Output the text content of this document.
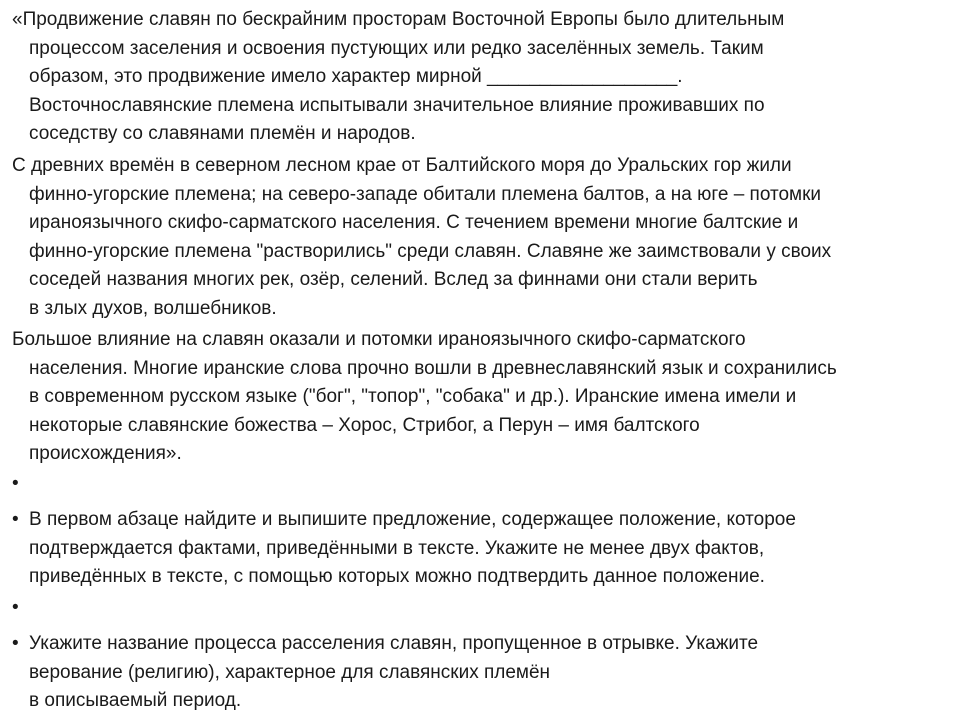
«Продвижение славян по бескрайним просторам Восточной Европы было длительным
процессом заселения и освоения пустующих или редко заселённых земель. Таким
образом, это продвижение имело характер мирной __________________.
Восточнославянские племена испытывали значительное влияние проживавших по
соседству со славянами племён и народов.
С древних времён в северном лесном крае от Балтийского моря до Уральских гор жили
финно-угорские племена; на северо-западе обитали племена балтов, а на юге – потомки
ираноязычного скифо-сарматского населения. С течением времени многие балтские и
финно-угорские племена "растворились" среди славян. Славяне же заимствовали у своих
соседей названия многих рек, озёр, селений. Вслед за финнами они стали верить
в злых духов, волшебников.
Большое влияние на славян оказали и потомки ираноязычного скифо-сарматского
населения. Многие иранские слова прочно вошли в древнеславянский язык и сохранились
в современном русском языке ("бог", "топор", "собака" и др.). Иранские имена имели и
некоторые славянские божества – Хорос, Стрибог, а Перун – имя балтского
происхождения».
•
• В первом абзаце найдите и выпишите предложение, содержащее положение, которое
подтверждается фактами, приведёнными в тексте. Укажите не менее двух фактов,
приведённых в тексте, с помощью которых можно подтвердить данное положение.
•
• Укажите название процесса расселения славян, пропущенное в отрывке. Укажите
верование (религию), характерное для славянских племён
в описываемый период.
